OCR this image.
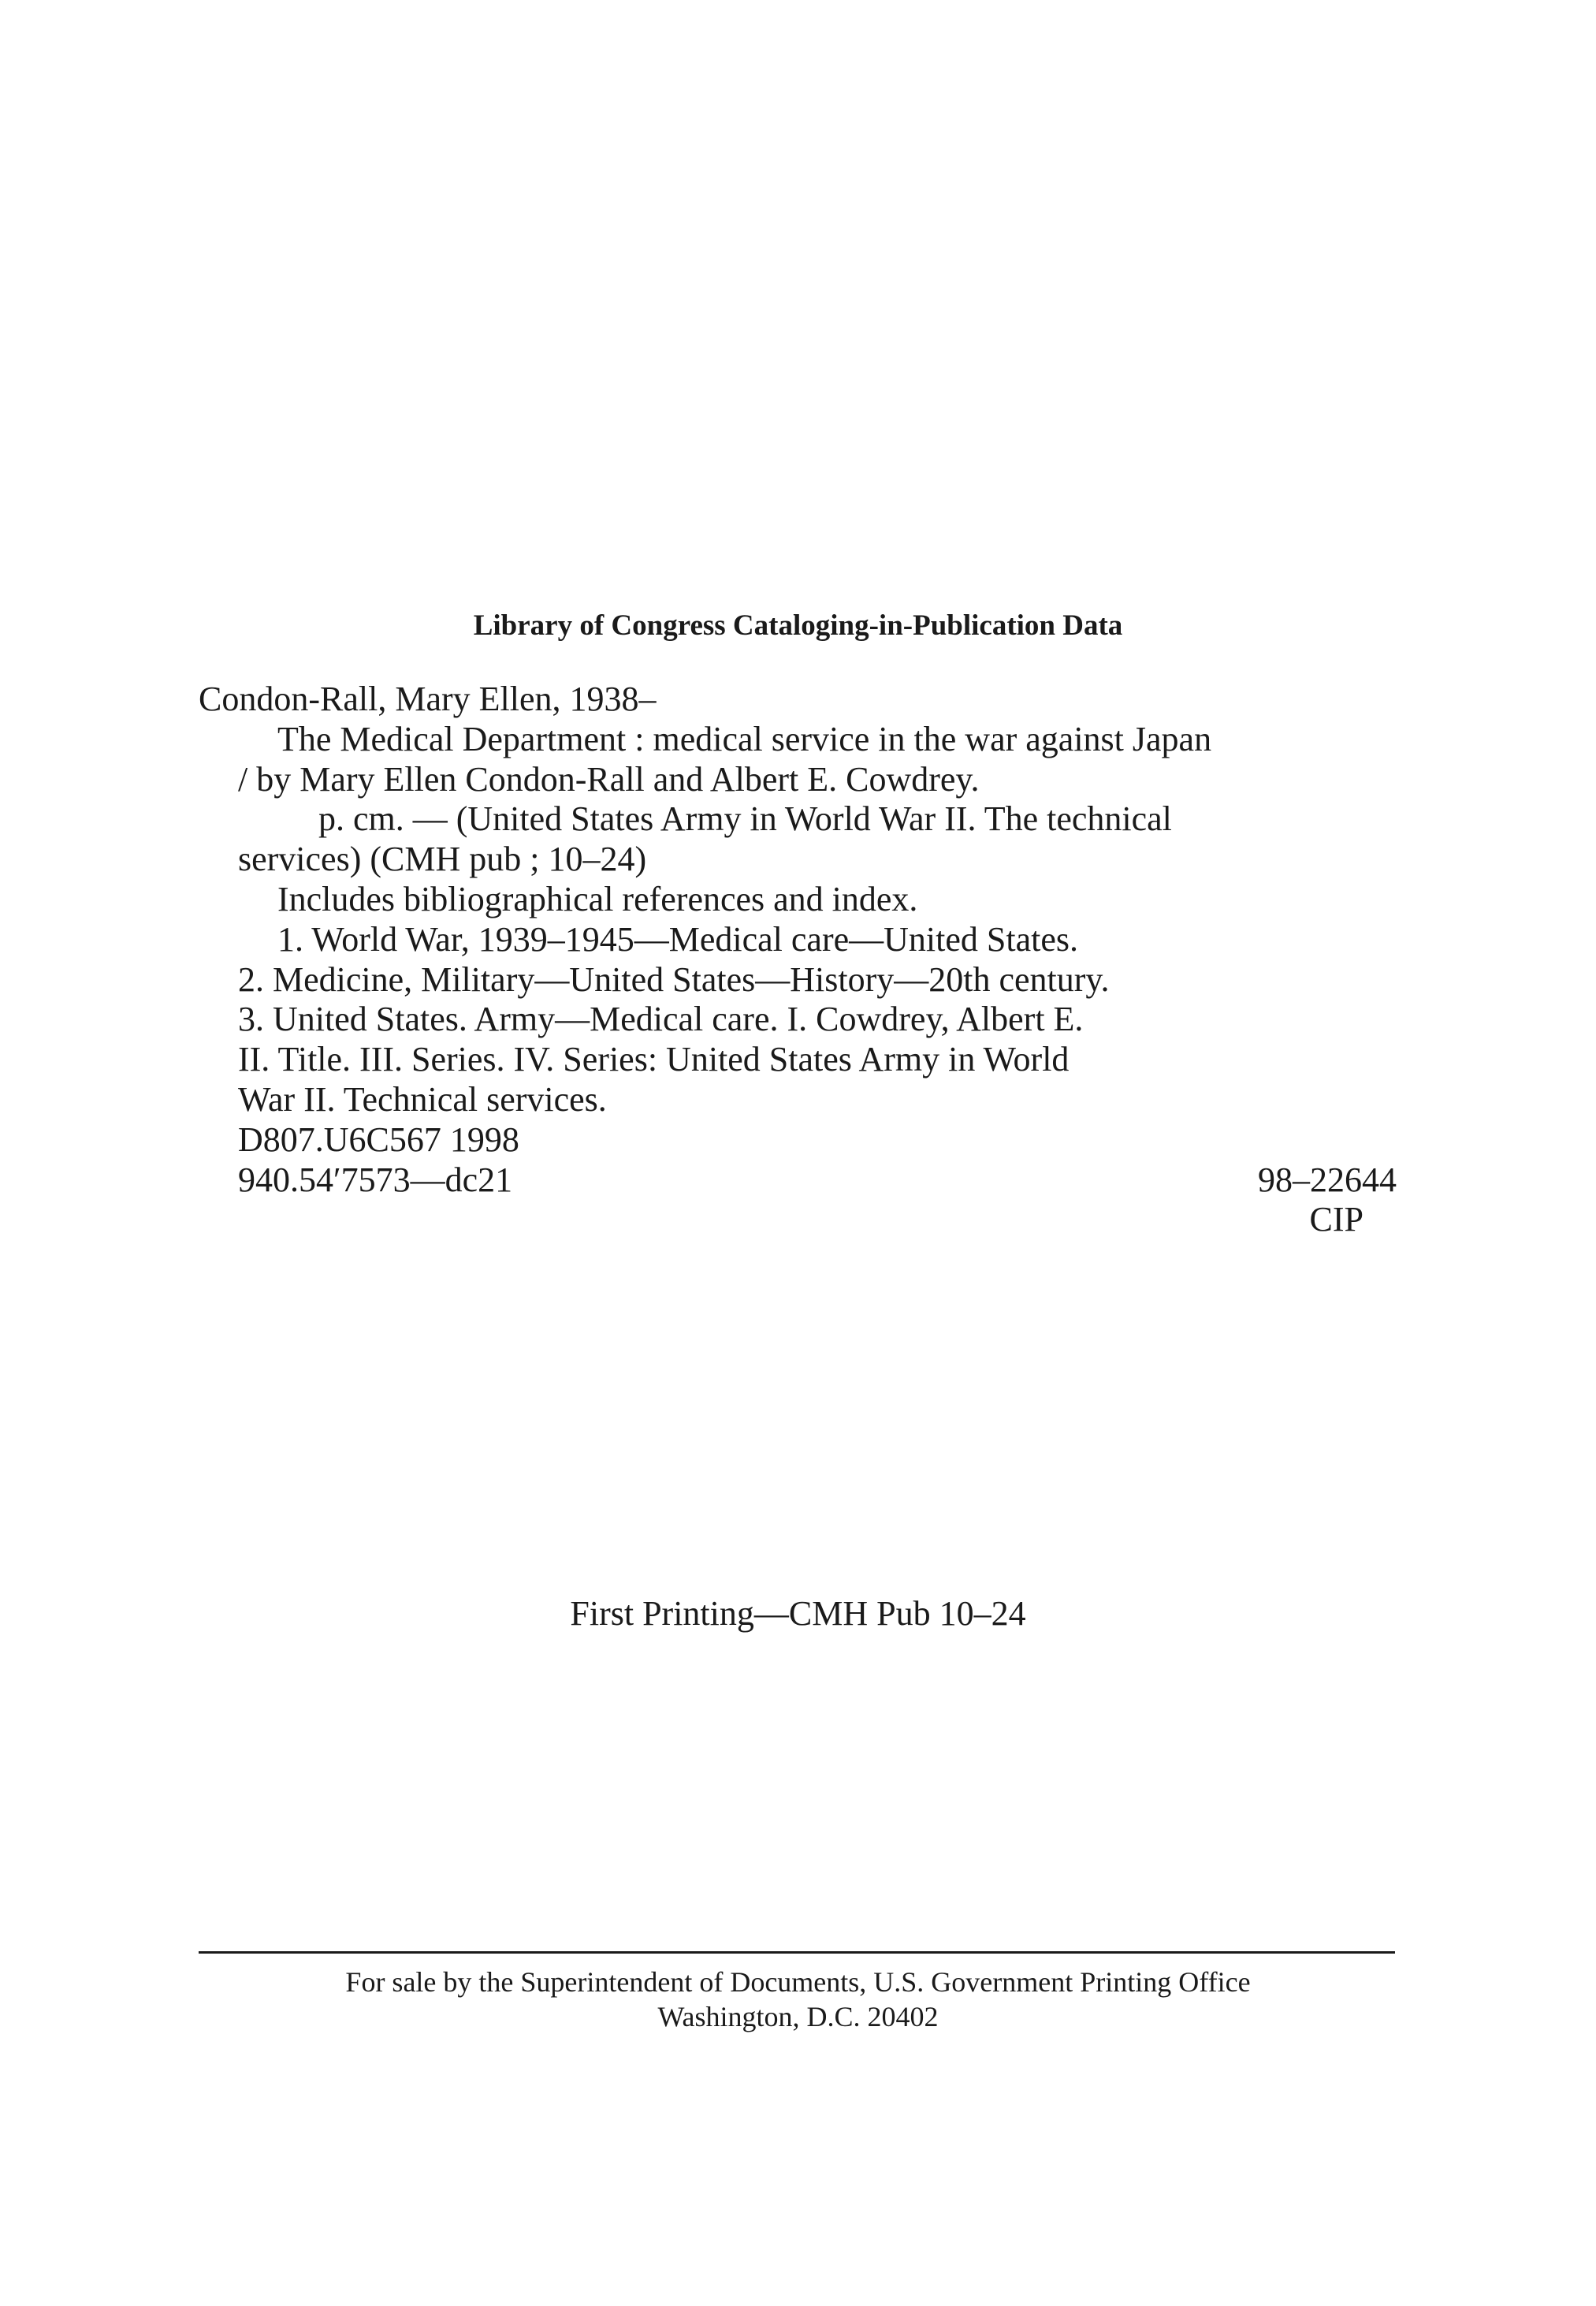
Library of Congress Cataloging-in-Publication Data
Condon-Rall, Mary Ellen, 1938–
The Medical Department : medical service in the war against Japan
/ by Mary Ellen Condon-Rall and Albert E. Cowdrey.
p. cm. — (United States Army in World War II. The technical
services) (CMH pub ; 10–24)
Includes bibliographical references and index.
1. World War, 1939–1945—Medical care—United States.
2. Medicine, Military—United States—History—20th century.
3. United States. Army—Medical care. I. Cowdrey, Albert E.
II. Title. III. Series. IV. Series: United States Army in World
War II. Technical services.
D807.U6C567 1998
940.54ʹ7573—dc21	98–22644
CIP
First Printing—CMH Pub 10–24
For sale by the Superintendent of Documents, U.S. Government Printing Office
Washington, D.C. 20402
